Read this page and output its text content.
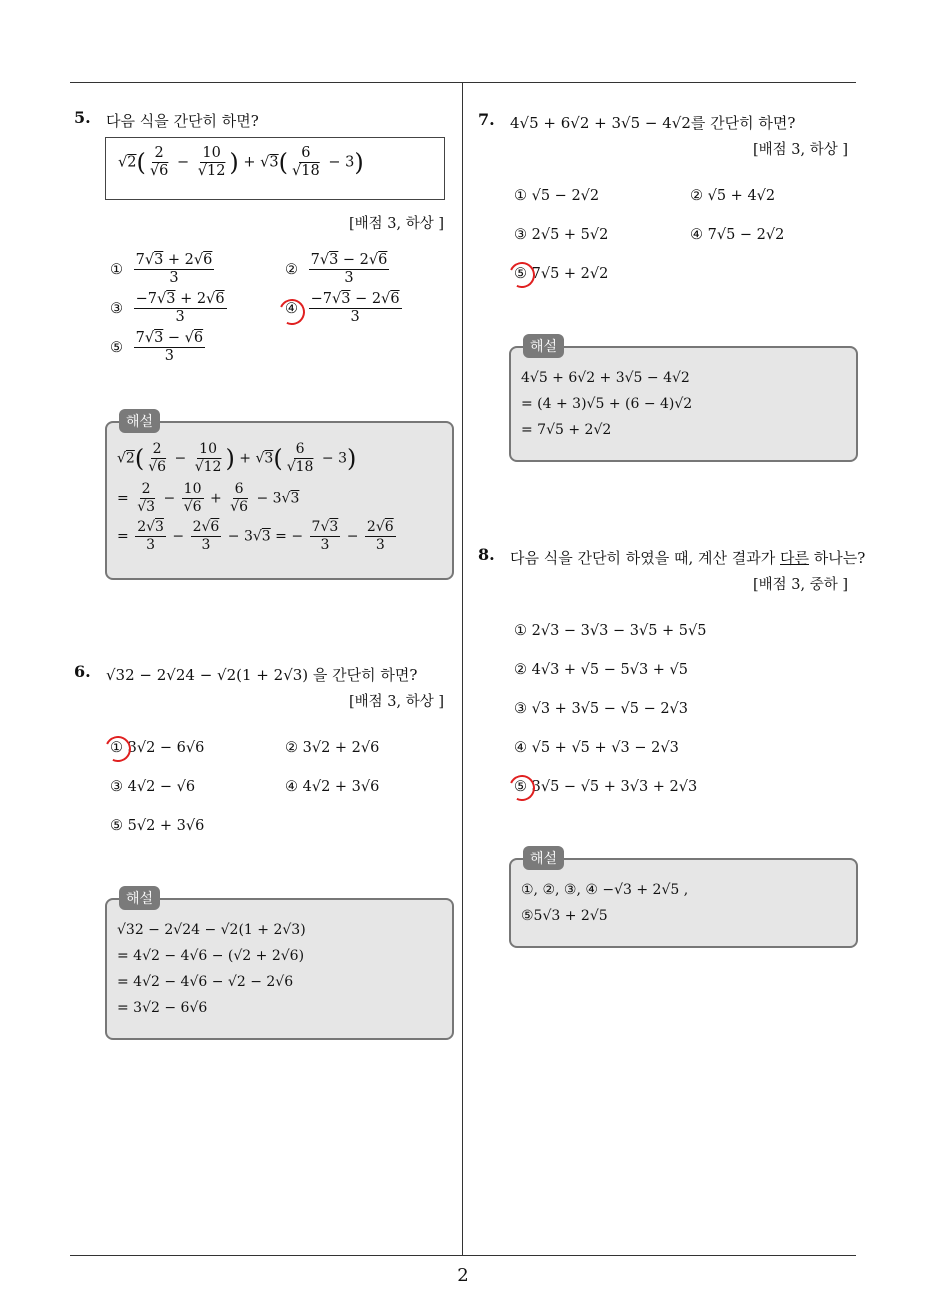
5. 다음 식을 간단히 하면?
$√2( \frac{2}{√6} - \frac{10}{√12}$ ) + $√3( \frac{6}{√18} - 3)$
[배점 3, 하상 ]
① $\frac{7√3 + 2√6}{3}$	② $\frac{7√3 - 2√6}{3}$
③ $\frac{-7√3 + 2√6}{3}$	④ $\frac{-7√3 - 2√6}{3}$
⑤ $\frac{7√3 - √6}{3}$
$√2( \frac{2}{√6} - \frac{10}{√12}$ ) + $√3( \frac{6}{√18} - 3)$
= $\frac{2}{√3} - \frac{10}{√6} + \frac{6}{√6} - 3√3$
= $\frac{2√3}{3} - \frac{2√6}{3} - 3√3$ = − $\frac{7√3}{3} - \frac{2√6}{3}$
해설
6. √32 − 2√24 − √2(1 + 2√3) 을 간단히 하면?
[배점 3, 하상 ]
① 3√2 − 6√6	② 3√2 + 2√6
③ 4√2 − √6	④ 4√2 + 3√6
⑤ 5√2 + 3√6
√32 − 2√24 − √2(1 + 2√3)
= 4√2 − 4√6 − (√2 + 2√6)
= 4√2 − 4√6 − √2 − 2√6
= 3√2 − 6√6
해설
7. 4√5 + 6√2 + 3√5 − 4√2를 간단히 하면?
[배점 3, 하상 ]
① √5 − 2√2	② √5 + 4√2
③ 2√5 + 5√2	④ 7√5 − 2√2
⑤ 7√5 + 2√2
4√5 + 6√2 + 3√5 − 4√2
= (4 + 3)√5 + (6 − 4)√2
= 7√5 + 2√2
해설
8. 다음 식을 간단히 하였을 때, 계산 결과가 다른 하나는?
[배점 3, 중하 ]
① 2√3 − 3√3 − 3√5 + 5√5
② 4√3 + √5 − 5√3 + √5
③ √3 + 3√5 − √5 − 2√3
④ √5 + √5 + √3 − 2√3
⑤ 3√5 − √5 + 3√3 + 2√3
①, ②, ③, ④ −√3 + 2√5 ,
⑤5√3 + 2√5
해설
2
